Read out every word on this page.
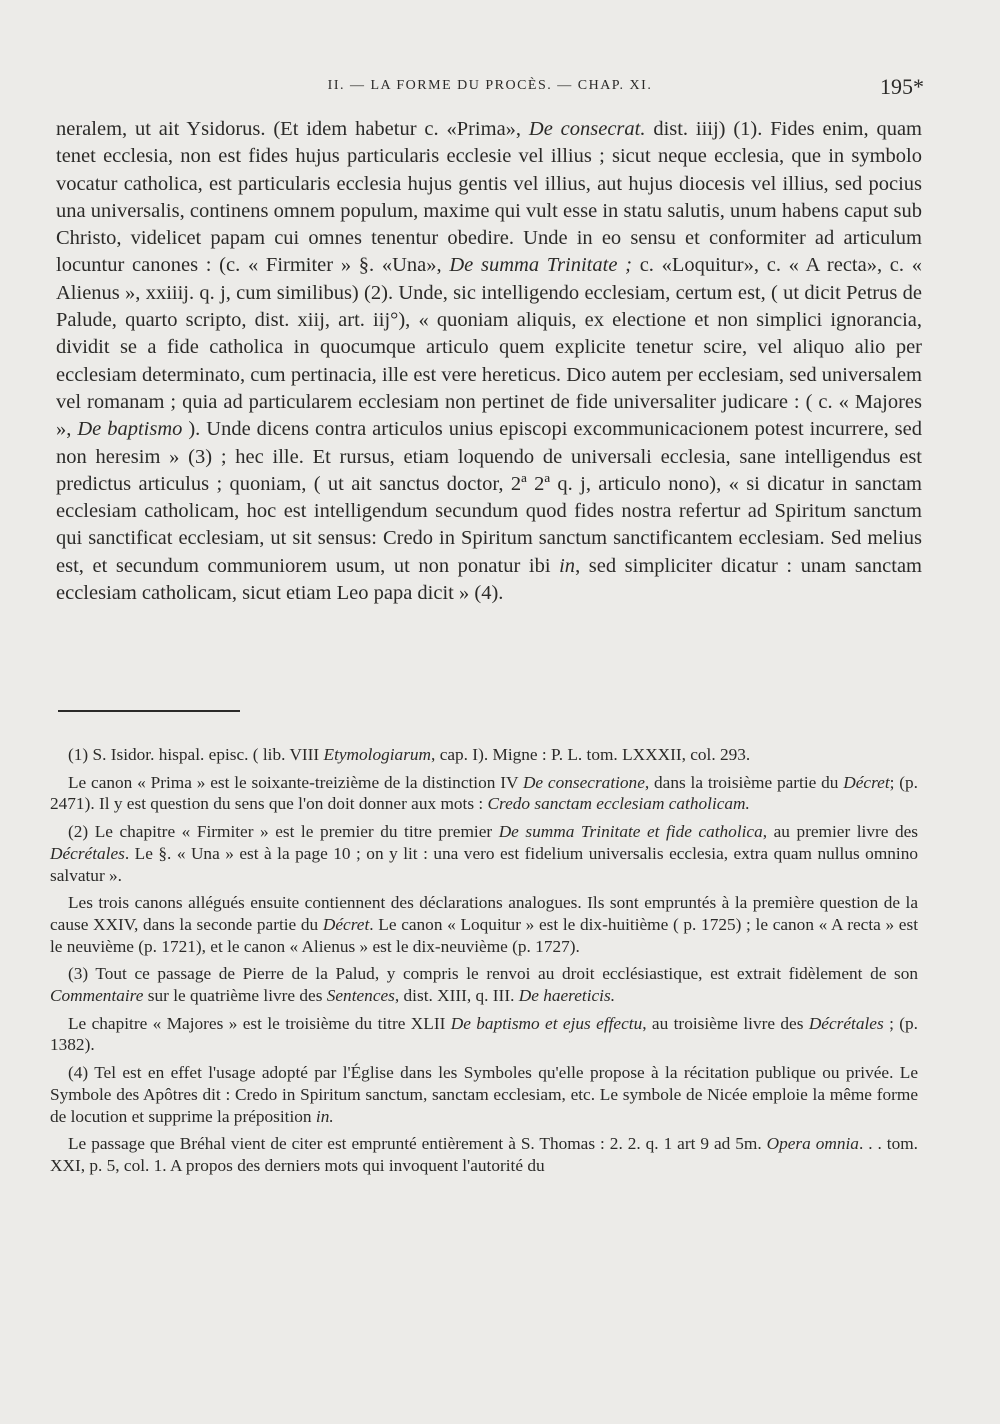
II. — LA FORME DU PROCÈS. — CHAP. XI.	195*

neralem, ut ait Ysidorus. (Et idem habetur c. «Prima», De consecrat. dist. iiij) (1). Fides enim, quam tenet ecclesia, non est fides hujus particularis ecclesie vel illius ; sicut neque ecclesia, que in symbolo vocatur catholica, est particularis ecclesia hujus gentis vel illius, aut hujus diocesis vel illius, sed pocius una universalis, continens omnem populum, maxime qui vult esse in statu salutis, unum habens caput sub Christo, videlicet papam cui omnes tenentur obedire. Unde in eo sensu et conformiter ad articulum locuntur canones : (c. « Firmiter » §. «Una», De summa Trinitate ; c. «Loquitur», c. « A recta», c. « Alienus », xxiiij. q. j, cum similibus) (2). Unde, sic intelligendo ecclesiam, certum est, ( ut dicit Petrus de Palude, quarto scripto, dist. xiij, art. iij°), « quoniam aliquis, ex electione et non simplici ignorancia, dividit se a fide catholica in quocumque articulo quem explicite tenetur scire, vel aliquo alio per ecclesiam determinato, cum pertinacia, ille est vere hereticus. Dico autem per ecclesiam, sed universalem vel romanam ; quia ad particularem ecclesiam non pertinet de fide universaliter judicare : ( c. « Majores », De baptismo ). Unde dicens contra articulos unius episcopi excommunicacionem potest incurrere, sed non heresim » (3) ; hec ille. Et rursus, etiam loquendo de universali ecclesia, sane intelligendus est predictus articulus ; quoniam, ( ut ait sanctus doctor, 2ª 2ª q. j, articulo nono), « si dicatur in sanctam ecclesiam catholicam, hoc est intelligendum secundum quod fides nostra refertur ad Spiritum sanctum qui sanctificat ecclesiam, ut sit sensus: Credo in Spiritum sanctum sanctificantem ecclesiam. Sed melius est, et secundum communiorem usum, ut non ponatur ibi in, sed simpliciter dicatur : unam sanctam ecclesiam catholicam, sicut etiam Leo papa dicit » (4).

(1) S. Isidor. hispal. episc. ( lib. VIII Etymologiarum, cap. I). Migne : P. L. tom. LXXXII, col. 293.

Le canon « Prima » est le soixante-treizième de la distinction IV De consecratione, dans la troisième partie du Décret; (p. 2471). Il y est question du sens que l'on doit donner aux mots : Credo sanctam ecclesiam catholicam.

(2) Le chapitre « Firmiter » est le premier du titre premier De summa Trinitate et fide catholica, au premier livre des Décrétales. Le §. « Una » est à la page 10 ; on y lit : una vero est fidelium universalis ecclesia, extra quam nullus omnino salvatur ».

Les trois canons allégués ensuite contiennent des déclarations analogues. Ils sont empruntés à la première question de la cause XXIV, dans la seconde partie du Décret. Le canon « Loquitur » est le dix-huitième ( p. 1725) ; le canon « A recta » est le neuvième (p. 1721), et le canon « Alienus » est le dix-neuvième (p. 1727).

(3) Tout ce passage de Pierre de la Palud, y compris le renvoi au droit ecclésiastique, est extrait fidèlement de son Commentaire sur le quatrième livre des Sentences, dist. XIII, q. III. De haereticis.

Le chapitre « Majores » est le troisième du titre XLII De baptismo et ejus effectu, au troisième livre des Décrétales ; (p. 1382).

(4) Tel est en effet l'usage adopté par l'Église dans les Symboles qu'elle propose à la récitation publique ou privée. Le Symbole des Apôtres dit : Credo in Spiritum sanctum, sanctam ecclesiam, etc. Le symbole de Nicée emploie la même forme de locution et supprime la préposition in.

Le passage que Bréhal vient de citer est emprunté entièrement à S. Thomas : 2. 2. q. 1 art 9 ad 5m. Opera omnia. . . tom. XXI, p. 5, col. 1. A propos des derniers mots qui invoquent l'autorité du
